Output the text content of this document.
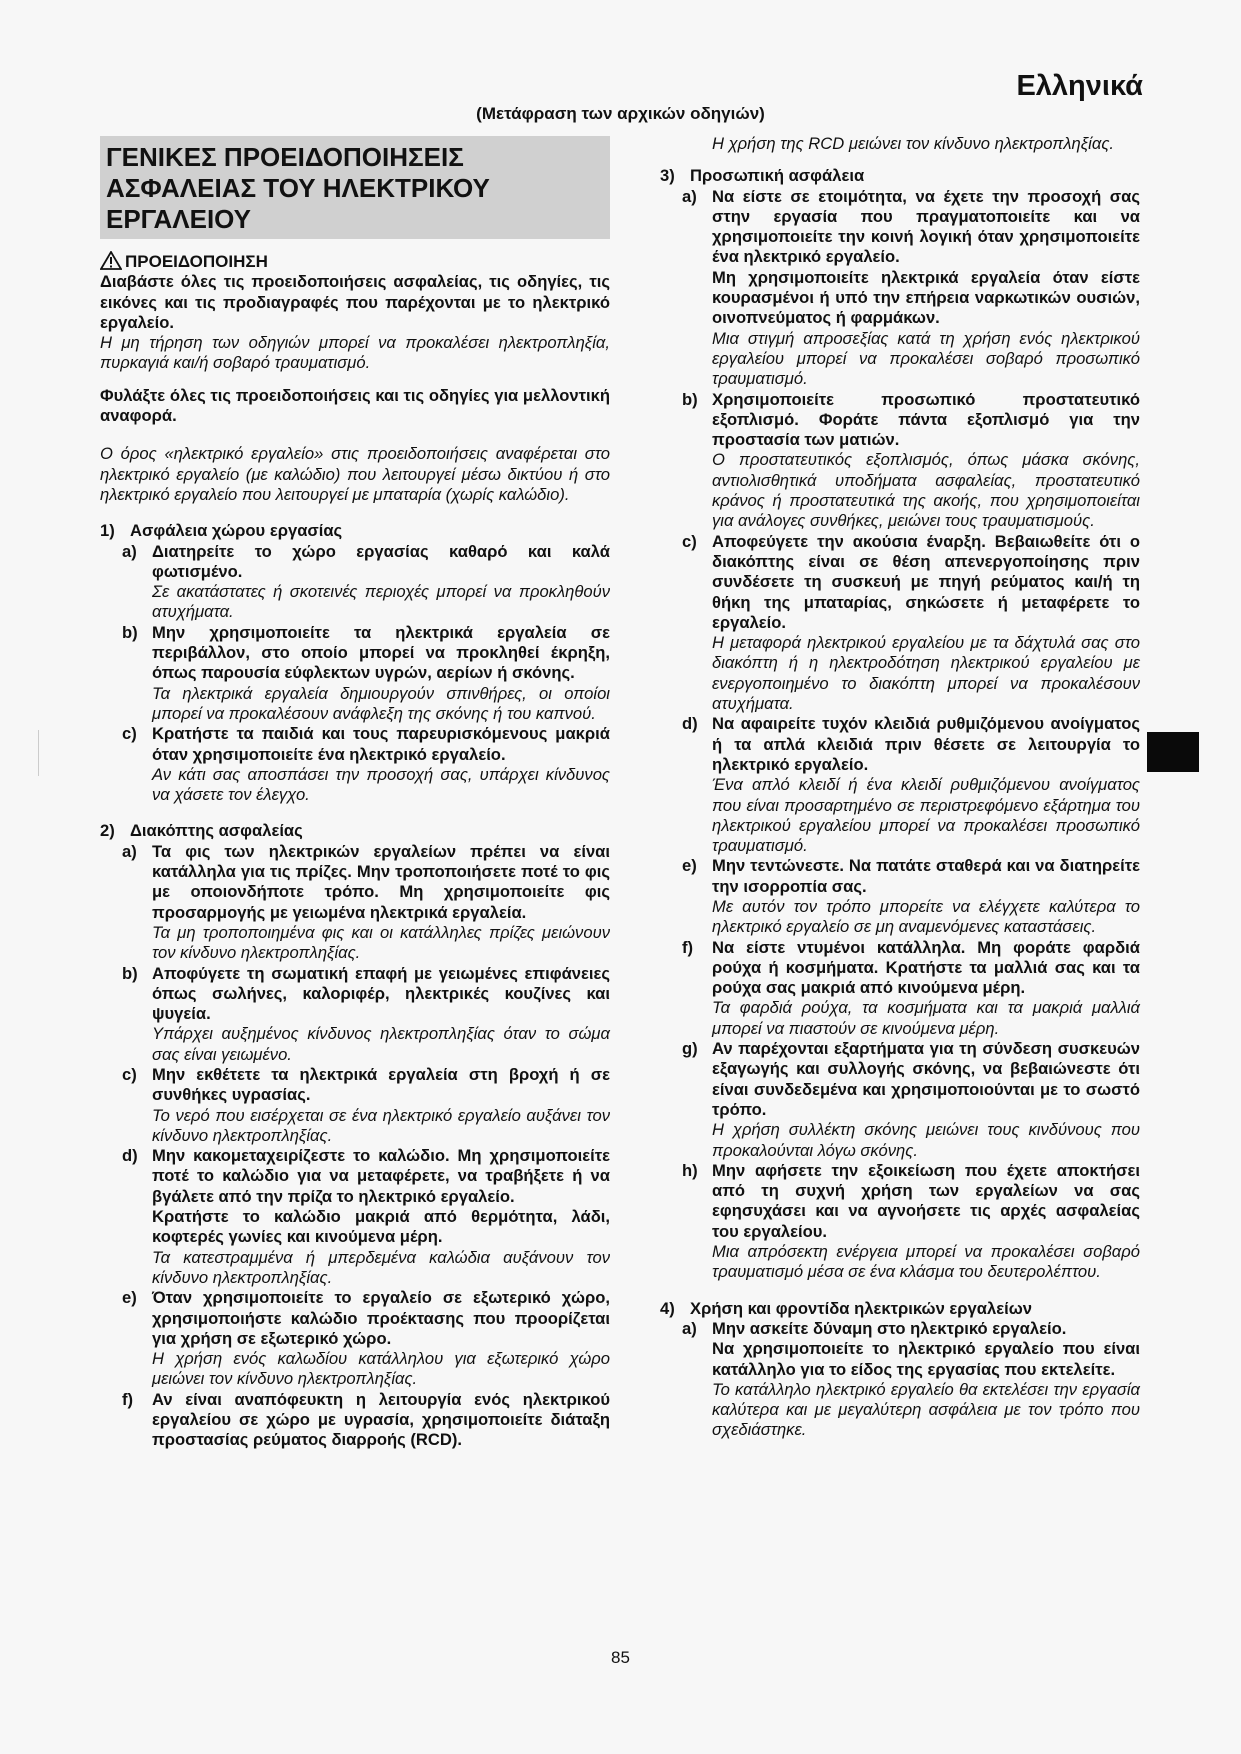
Ελληνικά
(Μετάφραση των αρχικών οδηγιών)
ΓΕΝΙΚΕΣ ΠΡΟΕΙΔΟΠΟΙΗΣΕΙΣ ΑΣΦΑΛΕΙΑΣ ΤΟΥ ΗΛΕΚΤΡΙΚΟΥ ΕΡΓΑΛΕΙΟΥ
ΠΡΟΕΙΔΟΠΟΙΗΣΗ
Διαβάστε όλες τις προειδοποιήσεις ασφαλείας, τις οδηγίες, τις εικόνες και τις προδιαγραφές που παρέχονται με το ηλεκτρικό εργαλείο.
Η μη τήρηση των οδηγιών μπορεί να προκαλέσει ηλεκτροπληξία, πυρκαγιά και/ή σοβαρό τραυματισμό.
Φυλάξτε όλες τις προειδοποιήσεις και τις οδηγίες για μελλοντική αναφορά.
Ο όρος «ηλεκτρικό εργαλείο» στις προειδοποιήσεις αναφέρεται στο ηλεκτρικό εργαλείο (με καλώδιο) που λειτουργεί μέσω δικτύου ή στο ηλεκτρικό εργαλείο που λειτουργεί με μπαταρία (χωρίς καλώδιο).
1) Ασφάλεια χώρου εργασίας
a) Διατηρείτε το χώρο εργασίας καθαρό και καλά φωτισμένο.

Σε ακατάστατες ή σκοτεινές περιοχές μπορεί να προκληθούν ατυχήματα.

b) Μην χρησιμοποιείτε τα ηλεκτρικά εργαλεία σε περιβάλλον, στο οποίο μπορεί να προκληθεί έκρηξη, όπως παρουσία εύφλεκτων υγρών, αερίων ή σκόνης.

Τα ηλεκτρικά εργαλεία δημιουργούν σπινθήρες, οι οποίοι μπορεί να προκαλέσουν ανάφλεξη της σκόνης ή του καπνού.

c) Κρατήστε τα παιδιά και τους παρευρισκόμενους μακριά όταν χρησιμοποιείτε ένα ηλεκτρικό εργαλείο.

Αν κάτι σας αποσπάσει την προσοχή σας, υπάρχει κίνδυνος να χάσετε τον έλεγχο.

2) Διακόπτης ασφαλείας
a) Τα φις των ηλεκτρικών εργαλείων πρέπει να είναι κατάλληλα για τις πρίζες. Μην τροποποιήσετε ποτέ το φις με οποιονδήποτε τρόπο. Μη χρησιμοποιείτε φις προσαρμογής με γειωμένα ηλεκτρικά εργαλεία.

Τα μη τροποποιημένα φις και οι κατάλληλες πρίζες μειώνουν τον κίνδυνο ηλεκτροπληξίας.

b) Αποφύγετε τη σωματική επαφή με γειωμένες επιφάνειες όπως σωλήνες, καλοριφέρ, ηλεκτρικές κουζίνες και ψυγεία.

Υπάρχει αυξημένος κίνδυνος ηλεκτροπληξίας όταν το σώμα σας είναι γειωμένο.

c) Μην εκθέτετε τα ηλεκτρικά εργαλεία στη βροχή ή σε συνθήκες υγρασίας.

Το νερό που εισέρχεται σε ένα ηλεκτρικό εργαλείο αυξάνει τον κίνδυνο ηλεκτροπληξίας.

d) Μην κακομεταχειρίζεστε το καλώδιο. Μη χρησιμοποιείτε ποτέ το καλώδιο για να μεταφέρετε, να τραβήξετε ή να βγάλετε από την πρίζα το ηλεκτρικό εργαλείο.

Κρατήστε το καλώδιο μακριά από θερμότητα, λάδι, κοφτερές γωνίες και κινούμενα μέρη.

Τα κατεστραμμένα ή μπερδεμένα καλώδια αυξάνουν τον κίνδυνο ηλεκτροπληξίας.

e) Όταν χρησιμοποιείτε το εργαλείο σε εξωτερικό χώρο, χρησιμοποιήστε καλώδιο προέκτασης που προορίζεται για χρήση σε εξωτερικό χώρο.

Η χρήση ενός καλωδίου κατάλληλου για εξωτερικό χώρο μειώνει τον κίνδυνο ηλεκτροπληξίας.

f) Αν είναι αναπόφευκτη η λειτουργία ενός ηλεκτρικού εργαλείου σε χώρο με υγρασία, χρησιμοποιείτε διάταξη προστασίας ρεύματος διαρροής (RCD).

Η χρήση της RCD μειώνει τον κίνδυνο ηλεκτροπληξίας.
3) Προσωπική ασφάλεια
a) Να είστε σε ετοιμότητα, να έχετε την προσοχή σας στην εργασία που πραγματοποιείτε και να χρησιμοποιείτε την κοινή λογική όταν χρησιμοποιείτε ένα ηλεκτρικό εργαλείο.

Μη χρησιμοποιείτε ηλεκτρικά εργαλεία όταν είστε κουρασμένοι ή υπό την επήρεια ναρκωτικών ουσιών, οινοπνεύματος ή φαρμάκων.

Μια στιγμή απροσεξίας κατά τη χρήση ενός ηλεκτρικού εργαλείου μπορεί να προκαλέσει σοβαρό προσωπικό τραυματισμό.

b) Χρησιμοποιείτε προσωπικό προστατευτικό εξοπλισμό. Φοράτε πάντα εξοπλισμό για την προστασία των ματιών.

Ο προστατευτικός εξοπλισμός, όπως μάσκα σκόνης, αντιολισθητικά υποδήματα ασφαλείας, προστατευτικό κράνος ή προστατευτικά της ακοής, που χρησιμοποιείται για ανάλογες συνθήκες, μειώνει τους τραυματισμούς.

c) Αποφεύγετε την ακούσια έναρξη. Βεβαιωθείτε ότι ο διακόπτης είναι σε θέση απενεργοποίησης πριν συνδέσετε τη συσκευή με πηγή ρεύματος και/ή τη θήκη της μπαταρίας, σηκώσετε ή μεταφέρετε το εργαλείο.

Η μεταφορά ηλεκτρικού εργαλείου με τα δάχτυλά σας στο διακόπτη ή η ηλεκτροδότηση ηλεκτρικού εργαλείου με ενεργοποιημένο το διακόπτη μπορεί να προκαλέσουν ατυχήματα.

d) Να αφαιρείτε τυχόν κλειδιά ρυθμιζόμενου ανοίγματος ή τα απλά κλειδιά πριν θέσετε σε λειτουργία το ηλεκτρικό εργαλείο.

Ένα απλό κλειδί ή ένα κλειδί ρυθμιζόμενου ανοίγματος που είναι προσαρτημένο σε περιστρεφόμενο εξάρτημα του ηλεκτρικού εργαλείου μπορεί να προκαλέσει προσωπικό τραυματισμό.

e) Μην τεντώνεστε. Να πατάτε σταθερά και να διατηρείτε την ισορροπία σας.

Με αυτόν τον τρόπο μπορείτε να ελέγχετε καλύτερα το ηλεκτρικό εργαλείο σε μη αναμενόμενες καταστάσεις.

f) Να είστε ντυμένοι κατάλληλα. Μη φοράτε φαρδιά ρούχα ή κοσμήματα. Κρατήστε τα μαλλιά σας και τα ρούχα σας μακριά από κινούμενα μέρη.

Τα φαρδιά ρούχα, τα κοσμήματα και τα μακριά μαλλιά μπορεί να πιαστούν σε κινούμενα μέρη.

g) Αν παρέχονται εξαρτήματα για τη σύνδεση συσκευών εξαγωγής και συλλογής σκόνης, να βεβαιώνεστε ότι είναι συνδεδεμένα και χρησιμοποιούνται με το σωστό τρόπο.

Η χρήση συλλέκτη σκόνης μειώνει τους κινδύνους που προκαλούνται λόγω σκόνης.

h) Μην αφήσετε την εξοικείωση που έχετε αποκτήσει από τη συχνή χρήση των εργαλείων να σας εφησυχάσει και να αγνοήσετε τις αρχές ασφαλείας του εργαλείου.

Μια απρόσεκτη ενέργεια μπορεί να προκαλέσει σοβαρό τραυματισμό μέσα σε ένα κλάσμα του δευτερολέπτου.

4) Χρήση και φροντίδα ηλεκτρικών εργαλείων
a) Μην ασκείτε δύναμη στο ηλεκτρικό εργαλείο.

Να χρησιμοποιείτε το ηλεκτρικό εργαλείο που είναι κατάλληλο για το είδος της εργασίας που εκτελείτε.

Το κατάλληλο ηλεκτρικό εργαλείο θα εκτελέσει την εργασία καλύτερα και με μεγαλύτερη ασφάλεια με τον τρόπο που σχεδιάστηκε.

85
